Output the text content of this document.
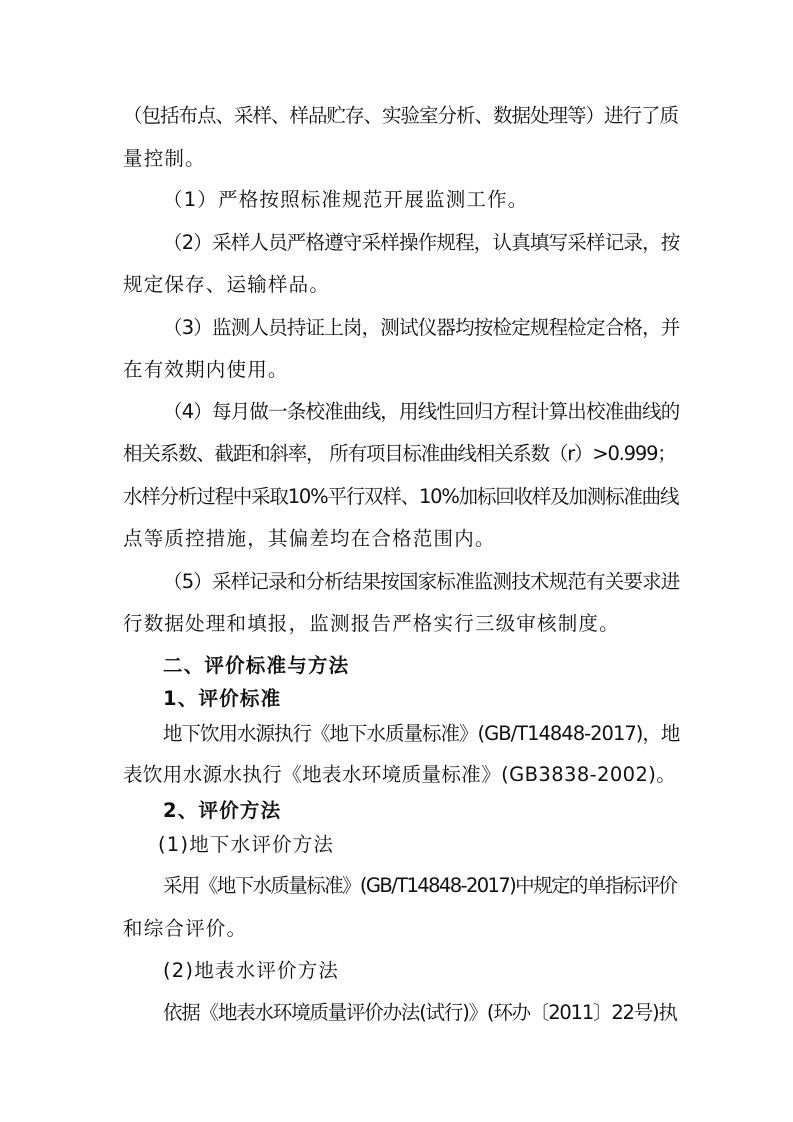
（包括布点、采样、样品贮存、实验室分析、数据处理等）进行了质
量控制。
（1）严格按照标准规范开展监测工作。
（2）采样人员严格遵守采样操作规程，认真填写采样记录，按
规定保存、运输样品。
（3）监测人员持证上岗，测试仪器均按检定规程检定合格，并
在有效期内使用。
（4）每月做一条校准曲线，用线性回归方程计算出校准曲线的
相关系数、截距和斜率， 所有项目标准曲线相关系数（r）>0.999；
水样分析过程中采取10%平行双样、10%加标回收样及加测标准曲线
点等质控措施，其偏差均在合格范围内。
（5）采样记录和分析结果按国家标准监测技术规范有关要求进
行数据处理和填报，监测报告严格实行三级审核制度。
二、评价标准与方法
1、评价标准
地下饮用水源执行《地下水质量标准》(GB/T14848-2017)，地
表饮用水源水执行《地表水环境质量标准》(GB3838-2002)。
2、评价方法
(1)地下水评价方法
采用《地下水质量标准》(GB/T14848-2017)中规定的单指标评价
和综合评价。
(2)地表水评价方法
依据《地表水环境质量评价办法(试行)》(环办〔2011〕22号)执
